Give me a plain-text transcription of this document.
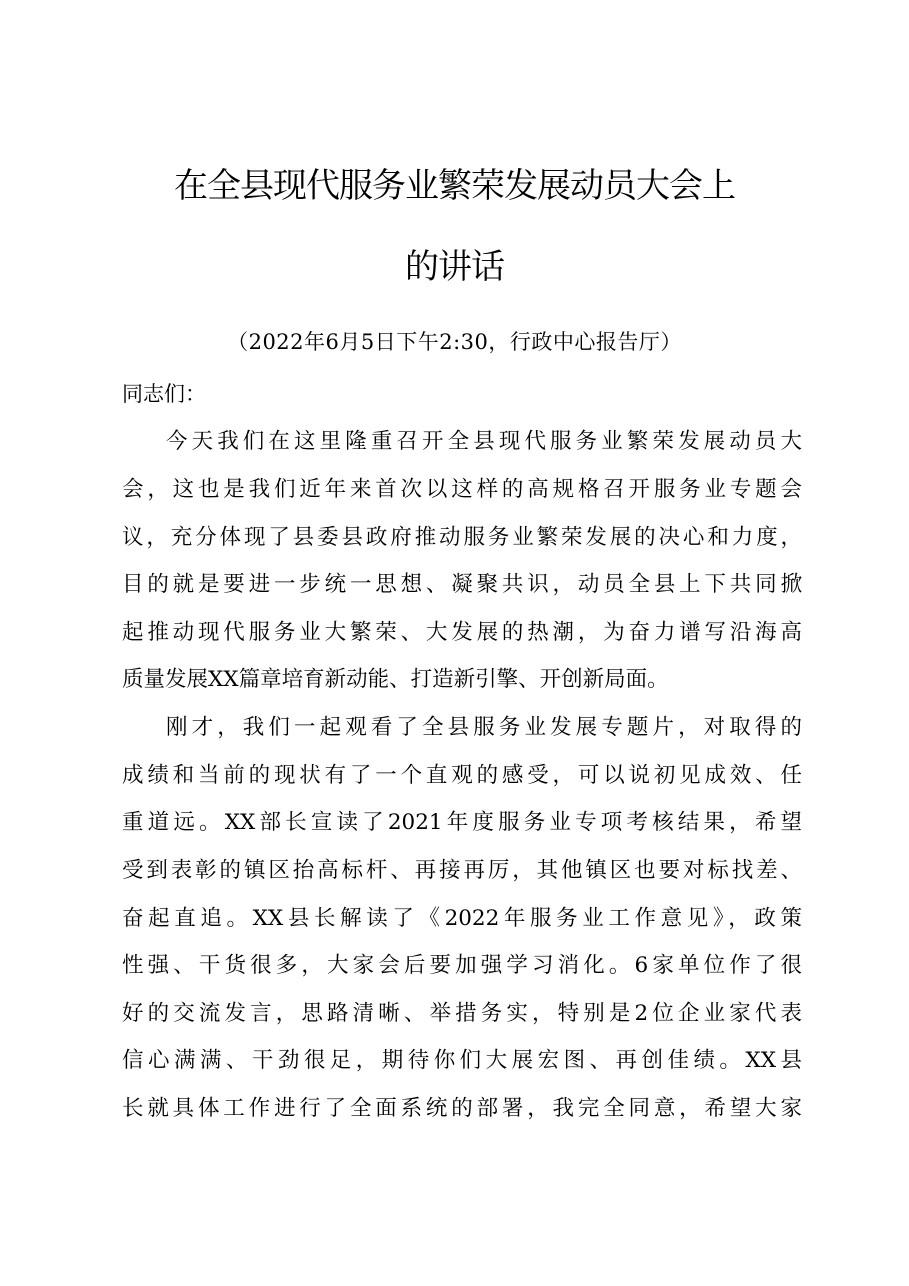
在全县现代服务业繁荣发展动员大会上
的讲话
（2022年6月5日下午2:30，行政中心报告厅）
同志们：
今天我们在这里隆重召开全县现代服务业繁荣发展动员大
会，这也是我们近年来首次以这样的高规格召开服务业专题会
议，充分体现了县委县政府推动服务业繁荣发展的决心和力度，
目的就是要进一步统一思想、凝聚共识，动员全县上下共同掀
起推动现代服务业大繁荣、大发展的热潮，为奋力谱写沿海高
质量发展XX篇章培育新动能、打造新引擎、开创新局面。
刚才，我们一起观看了全县服务业发展专题片，对取得的
成绩和当前的现状有了一个直观的感受，可以说初见成效、任
重道远。XX部长宣读了2021年度服务业专项考核结果，希望
受到表彰的镇区抬高标杆、再接再厉，其他镇区也要对标找差、
奋起直追。XX县长解读了《2022年服务业工作意见》，政策
性强、干货很多，大家会后要加强学习消化。6家单位作了很
好的交流发言，思路清晰、举措务实，特别是2位企业家代表
信心满满、干劲很足，期待你们大展宏图、再创佳绩。XX县
长就具体工作进行了全面系统的部署，我完全同意，希望大家
